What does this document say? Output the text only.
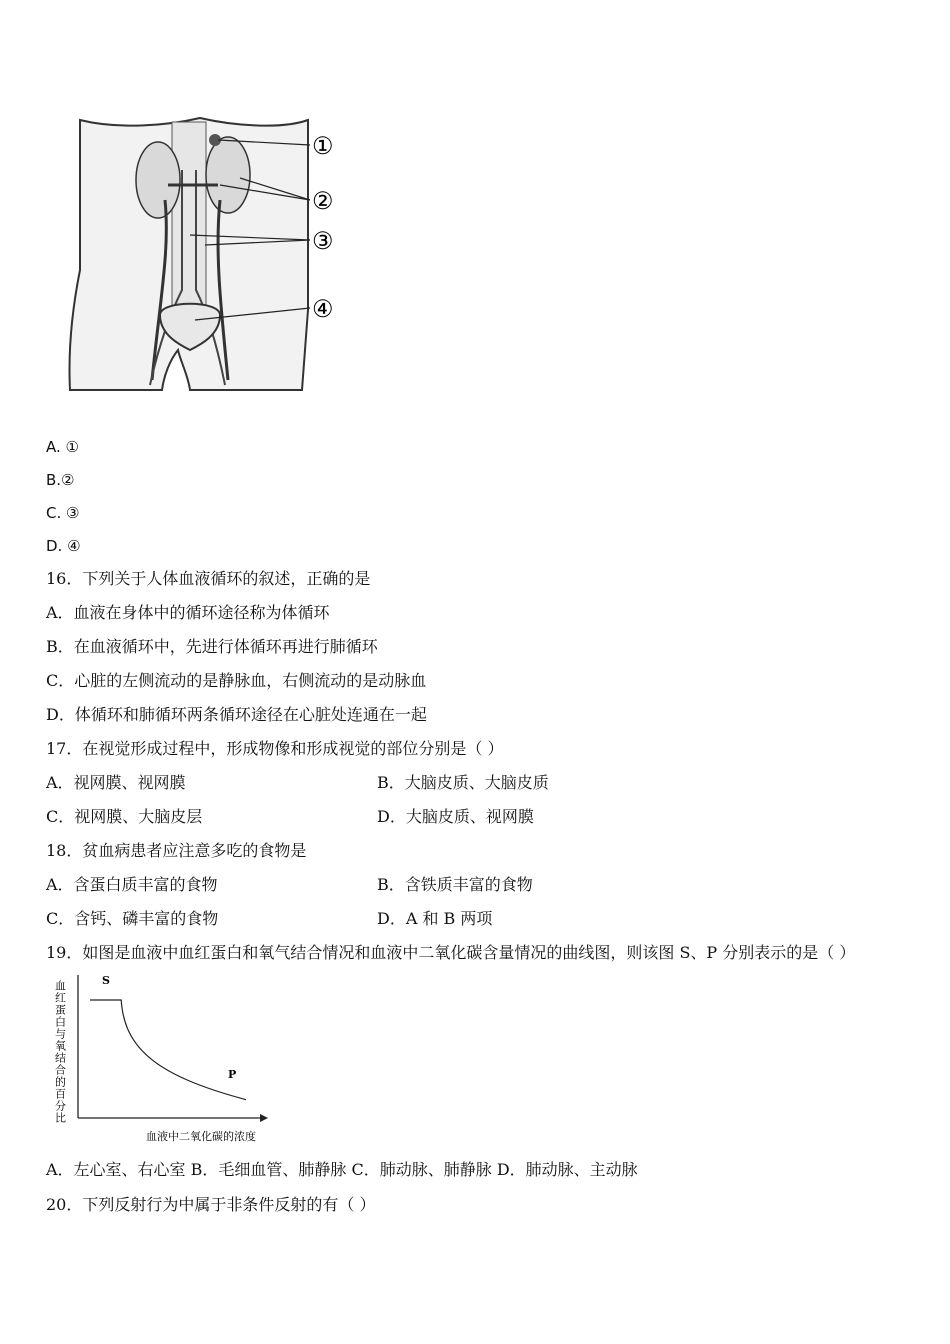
①
②
③
④
A. ①
B.②
C. ③
D. ④
16．下列关于人体血液循环的叙述，正确的是
A．血液在身体中的循环途径称为体循环
B．在血液循环中，先进行体循环再进行肺循环
C．心脏的左侧流动的是静脉血，右侧流动的是动脉血
D．体循环和肺循环两条循环途径在心脏处连通在一起
17．在视觉形成过程中，形成物像和形成视觉的部位分别是（ ）
A．视网膜、视网膜	B．大脑皮质、大脑皮质
C．视网膜、大脑皮层	D．大脑皮质、视网膜
18．贫血病患者应注意多吃的食物是
A．含蛋白质丰富的食物	B．含铁质丰富的食物
C．含钙、磷丰富的食物	D．A 和 B 两项
19．如图是血液中血红蛋白和氧气结合情况和血液中二氧化碳含量情况的曲线图，则该图 S、P 分别表示的是（ ）
血红蛋白与氧结合的百分比	S
P
血液中二氧化碳的浓度
A．左心室、右心室 B．毛细血管、肺静脉 C．肺动脉、肺静脉 D．肺动脉、主动脉
20．下列反射行为中属于非条件反射的有（ ）
